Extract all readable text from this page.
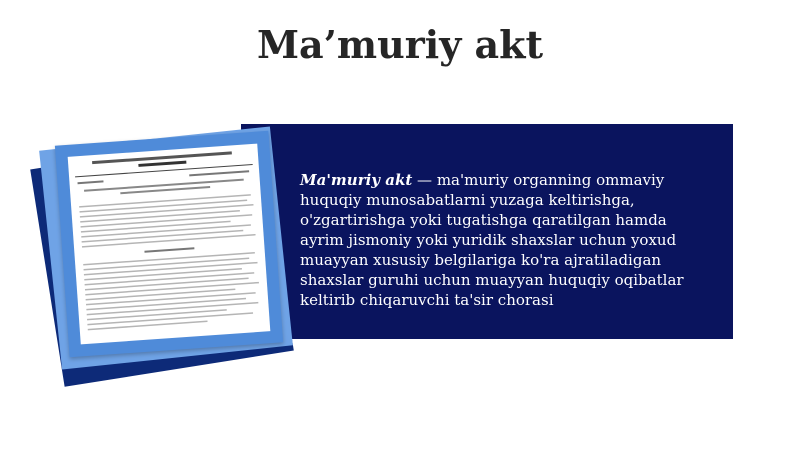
Ma’muriy akt
Ma'muriy akt — ma'muriy organning ommaviy huquqiy munosabatlarni yuzaga keltirishga, o'zgartirishga yoki tugatishga qaratilgan hamda ayrim jismoniy yoki yuridik shaxslar uchun yoxud muayyan xususiy belgilariga ko'ra ajratiladigan shaxslar guruhi uchun muayyan huquqiy oqibatlar keltirib chiqaruvchi ta'sir chorasi
